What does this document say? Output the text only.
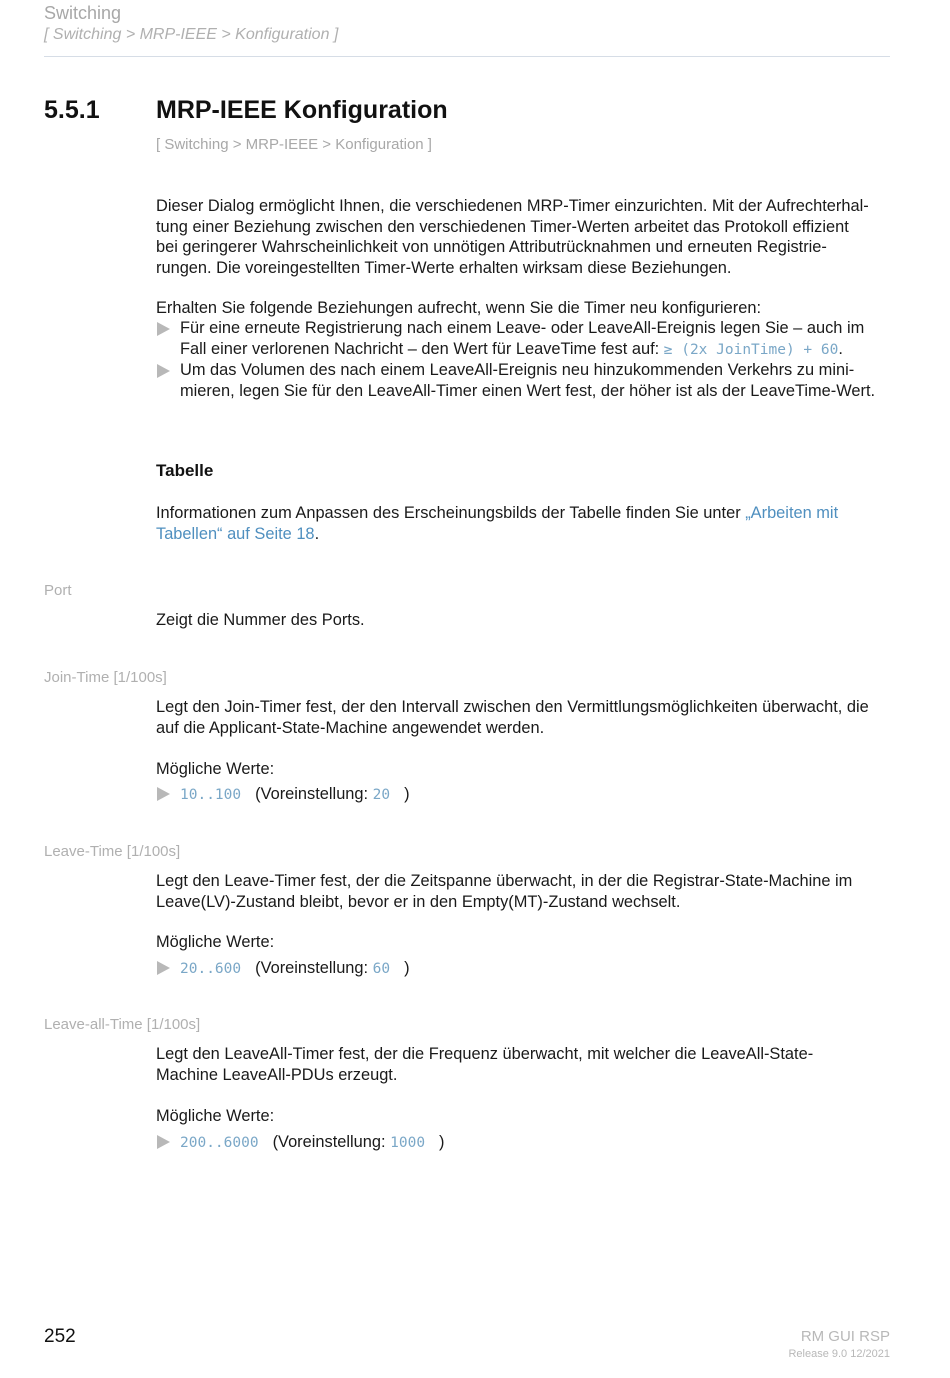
Switching
[ Switching > MRP-IEEE > Konfiguration ]
5.5.1 MRP-IEEE Konfiguration
[ Switching > MRP-IEEE > Konfiguration ]
Dieser Dialog ermöglicht Ihnen, die verschiedenen MRP-Timer einzurichten. Mit der Aufrechterhal-
tung einer Beziehung zwischen den verschiedenen Timer-Werten arbeitet das Protokoll effizient
bei geringerer Wahrscheinlichkeit von unnötigen Attributrücknahmen und erneuten Registrie-
rungen. Die voreingestellten Timer-Werte erhalten wirksam diese Beziehungen.
Erhalten Sie folgende Beziehungen aufrecht, wenn Sie die Timer neu konfigurieren:
Für eine erneute Registrierung nach einem Leave- oder LeaveAll-Ereignis legen Sie – auch im
Fall einer verlorenen Nachricht – den Wert für LeaveTime fest auf: ≥ (2x JoinTime) + 60.
Um das Volumen des nach einem LeaveAll-Ereignis neu hinzukommenden Verkehrs zu mini-
mieren, legen Sie für den LeaveAll-Timer einen Wert fest, der höher ist als der LeaveTime-Wert.
Tabelle
Informationen zum Anpassen des Erscheinungsbilds der Tabelle finden Sie unter „Arbeiten mit
Tabellen“ auf Seite 18.
Port
Zeigt die Nummer des Ports.
Join-Time [1/100s]
Legt den Join-Timer fest, der den Intervall zwischen den Vermittlungsmöglichkeiten überwacht, die
auf die Applicant-State-Machine angewendet werden.
Mögliche Werte:
10..100 (Voreinstellung: 20 )
Leave-Time [1/100s]
Legt den Leave-Timer fest, der die Zeitspanne überwacht, in der die Registrar-State-Machine im
Leave(LV)-Zustand bleibt, bevor er in den Empty(MT)-Zustand wechselt.
Mögliche Werte:
20..600 (Voreinstellung: 60 )
Leave-all-Time [1/100s]
Legt den LeaveAll-Timer fest, der die Frequenz überwacht, mit welcher die LeaveAll-State-
Machine LeaveAll-PDUs erzeugt.
Mögliche Werte:
200..6000 (Voreinstellung: 1000 )
252	RM GUI RSP
Release 9.0 12/2021
